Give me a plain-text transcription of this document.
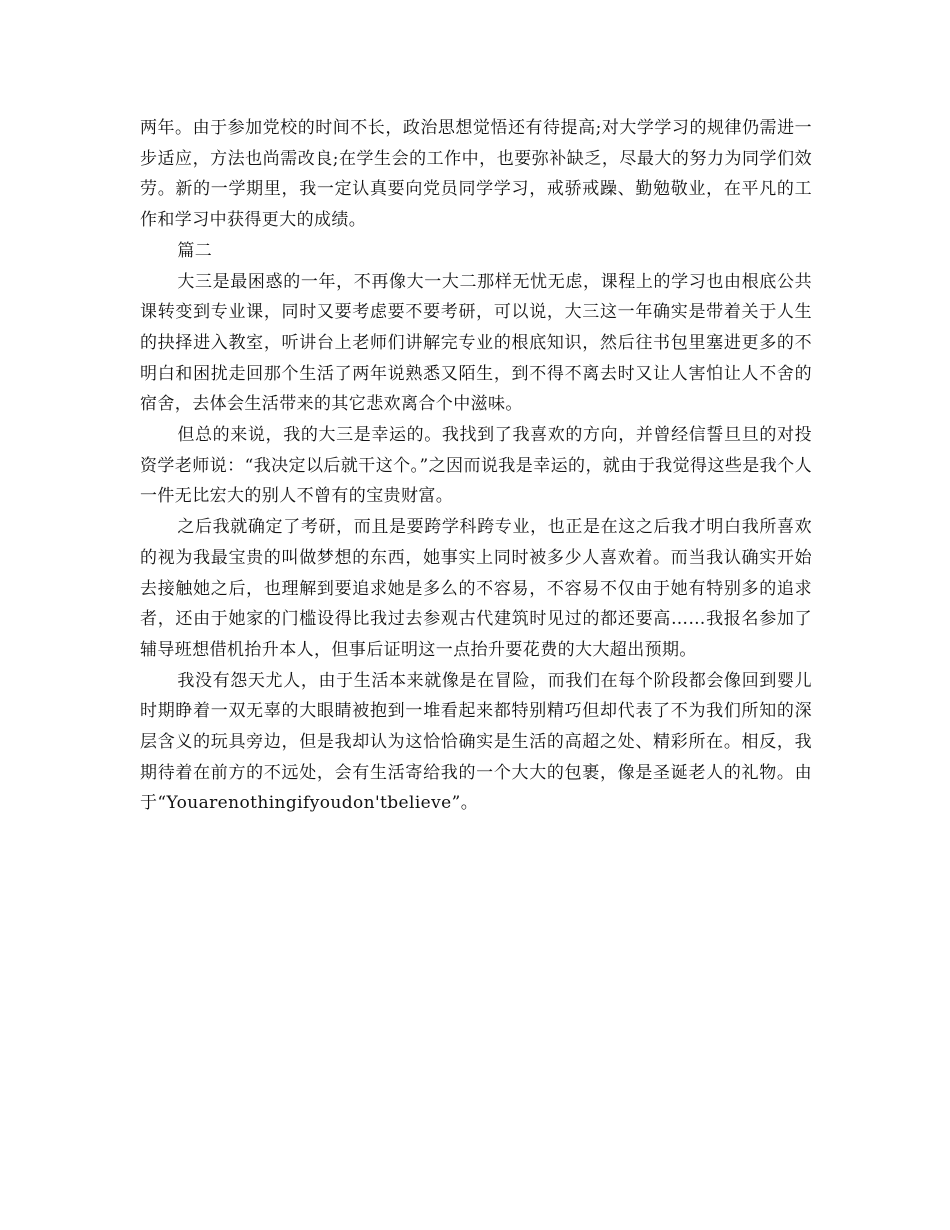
两年。由于参加党校的时间不长，政治思想觉悟还有待提高;对大学学习的规律仍需进一步适应，方法也尚需改良;在学生会的工作中，也要弥补缺乏，尽最大的努力为同学们效劳。新的一学期里，我一定认真要向党员同学学习，戒骄戒躁、勤勉敬业，在平凡的工作和学习中获得更大的成绩。

篇二

大三是最困惑的一年，不再像大一大二那样无忧无虑，课程上的学习也由根底公共课转变到专业课，同时又要考虑要不要考研，可以说，大三这一年确实是带着关于人生的抉择进入教室，听讲台上老师们讲解完专业的根底知识，然后往书包里塞进更多的不明白和困扰走回那个生活了两年说熟悉又陌生，到不得不离去时又让人害怕让人不舍的宿舍，去体会生活带来的其它悲欢离合个中滋味。

但总的来说，我的大三是幸运的。我找到了我喜欢的方向，并曾经信誓旦旦的对投资学老师说：“我决定以后就干这个。”之因而说我是幸运的，就由于我觉得这些是我个人一件无比宏大的别人不曾有的宝贵财富。

之后我就确定了考研，而且是要跨学科跨专业，也正是在这之后我才明白我所喜欢的视为我最宝贵的叫做梦想的东西，她事实上同时被多少人喜欢着。而当我认确实开始去接触她之后，也理解到要追求她是多么的不容易，不容易不仅由于她有特别多的追求者，还由于她家的门槛设得比我过去参观古代建筑时见过的都还要高……我报名参加了辅导班想借机抬升本人，但事后证明这一点抬升要花费的大大超出预期。

我没有怨天尤人，由于生活本来就像是在冒险，而我们在每个阶段都会像回到婴儿时期睁着一双无辜的大眼睛被抱到一堆看起来都特别精巧但却代表了不为我们所知的深层含义的玩具旁边，但是我却认为这恰恰确实是生活的高超之处、精彩所在。相反，我期待着在前方的不远处，会有生活寄给我的一个大大的包裹，像是圣诞老人的礼物。由于“Youarenothingifyoudon'tbelieve”。
